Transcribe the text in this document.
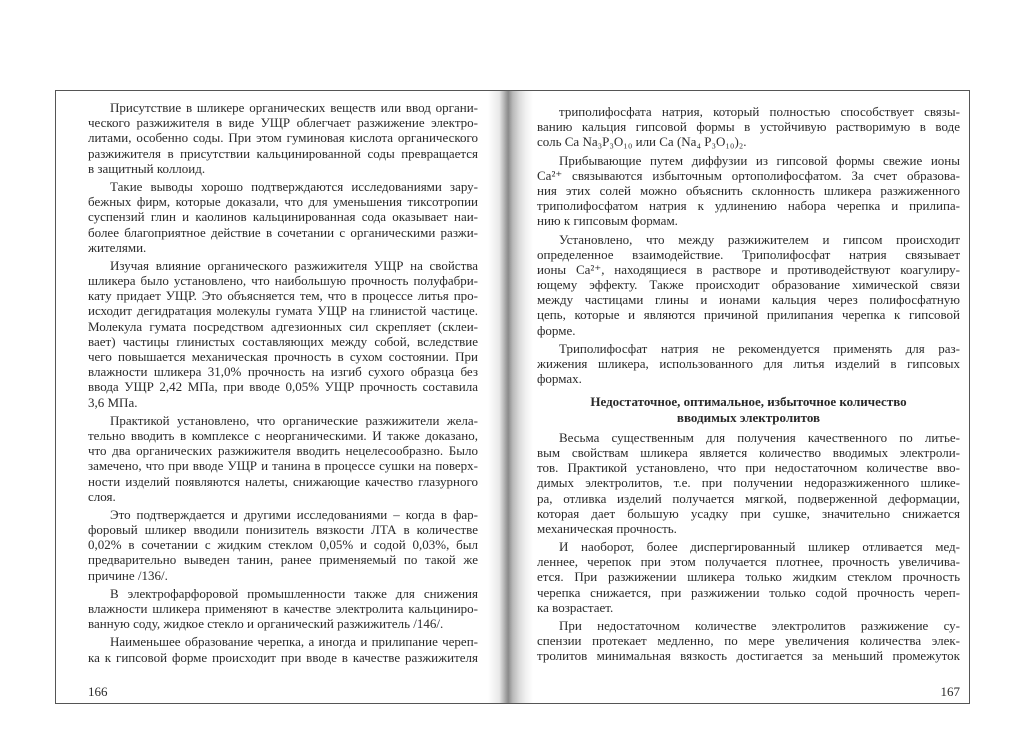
Присутствие в шликере органических веществ или ввод органи-
ческого разжижителя в виде УЩР облегчает разжижение электро-
литами, особенно соды. При этом гуминовая кислота органического
разжижителя в присутствии кальцинированной соды превращается
в защитный коллоид.
Такие выводы хорошо подтверждаются исследованиями зару-
бежных фирм, которые доказали, что для уменьшения тиксотропии
суспензий глин и каолинов кальцинированная сода оказывает наи-
более благоприятное действие в сочетании с органическими разжи-
жителями.
Изучая влияние органического разжижителя УЩР на свойства
шликера было установлено, что наибольшую прочность полуфабри-
кату придает УЩР. Это объясняется тем, что в процессе литья про-
исходит дегидратация молекулы гумата УЩР на глинистой частице.
Молекула гумата посредством адгезионных сил скрепляет (склеи-
вает) частицы глинистых составляющих между собой, вследствие
чего повышается механическая прочность в сухом состоянии. При
влажности шликера 31,0% прочность на изгиб сухого образца без
ввода УЩР 2,42 МПа, при вводе 0,05% УЩР прочность составила
3,6 МПа.
Практикой установлено, что органические разжижители жела-
тельно вводить в комплексе с неорганическими. И также доказано,
что два органических разжижителя вводить нецелесообразно. Было
замечено, что при вводе УЩР и танина в процессе сушки на поверх-
ности изделий появляются налеты, снижающие качество глазурного
слоя.
Это подтверждается и другими исследованиями – когда в фар-
форовый шликер вводили понизитель вязкости ЛТА в количестве
0,02% в сочетании с жидким стеклом 0,05% и содой 0,03%, был
предварительно выведен танин, ранее применяемый по такой же
причине /136/.
В электрофарфоровой промышленности также для снижения
влажности шликера применяют в качестве электролита кальциниро-
ванную соду, жидкое стекло и органический разжижитель /146/.
Наименьшее образование черепка, а иногда и прилипание череп-
ка к гипсовой форме происходит при вводе в качестве разжижителя
166
триполифосфата натрия, который полностью способствует связы-
ванию кальция гипсовой формы в устойчивую растворимую в воде
соль Ca Na₃P₃O₁₀ или Ca (Na₄ P₃O₁₀)₂.
Прибывающие путем диффузии из гипсовой формы свежие ионы
Ca²⁺ связываются избыточным ортополифосфатом. За счет образова-
ния этих солей можно объяснить склонность шликера разжиженного
триполифосфатом натрия к удлинению набора черепка и прилипа-
нию к гипсовым формам.
Установлено, что между разжижителем и гипсом происходит
определенное взаимодействие. Триполифосфат натрия связывает
ионы Ca²⁺, находящиеся в растворе и противодействуют коагулиру-
ющему эффекту. Также происходит образование химической связи
между частицами глины и ионами кальция через полифосфатную
цепь, которые и являются причиной прилипания черепка к гипсовой
форме.
Триполифосфат натрия не рекомендуется применять для раз-
жижения шликера, использованного для литья изделий в гипсовых
формах.
Недостаточное, оптимальное, избыточное количество
вводимых электролитов
Весьма существенным для получения качественного по литье-
вым свойствам шликера является количество вводимых электроли-
тов. Практикой установлено, что при недостаточном количестве вво-
димых электролитов, т.е. при получении недоразжиженного шлике-
ра, отливка изделий получается мягкой, подверженной деформации,
которая дает большую усадку при сушке, значительно снижается
механическая прочность.
И наоборот, более диспергированный шликер отливается мед-
леннее, черепок при этом получается плотнее, прочность увеличива-
ется. При разжижении шликера только жидким стеклом прочность
черепка снижается, при разжижении только содой прочность череп-
ка возрастает.
При недостаточном количестве электролитов разжижение су-
спензии протекает медленно, по мере увеличения количества элек-
тролитов минимальная вязкость достигается за меньший промежуток
167
